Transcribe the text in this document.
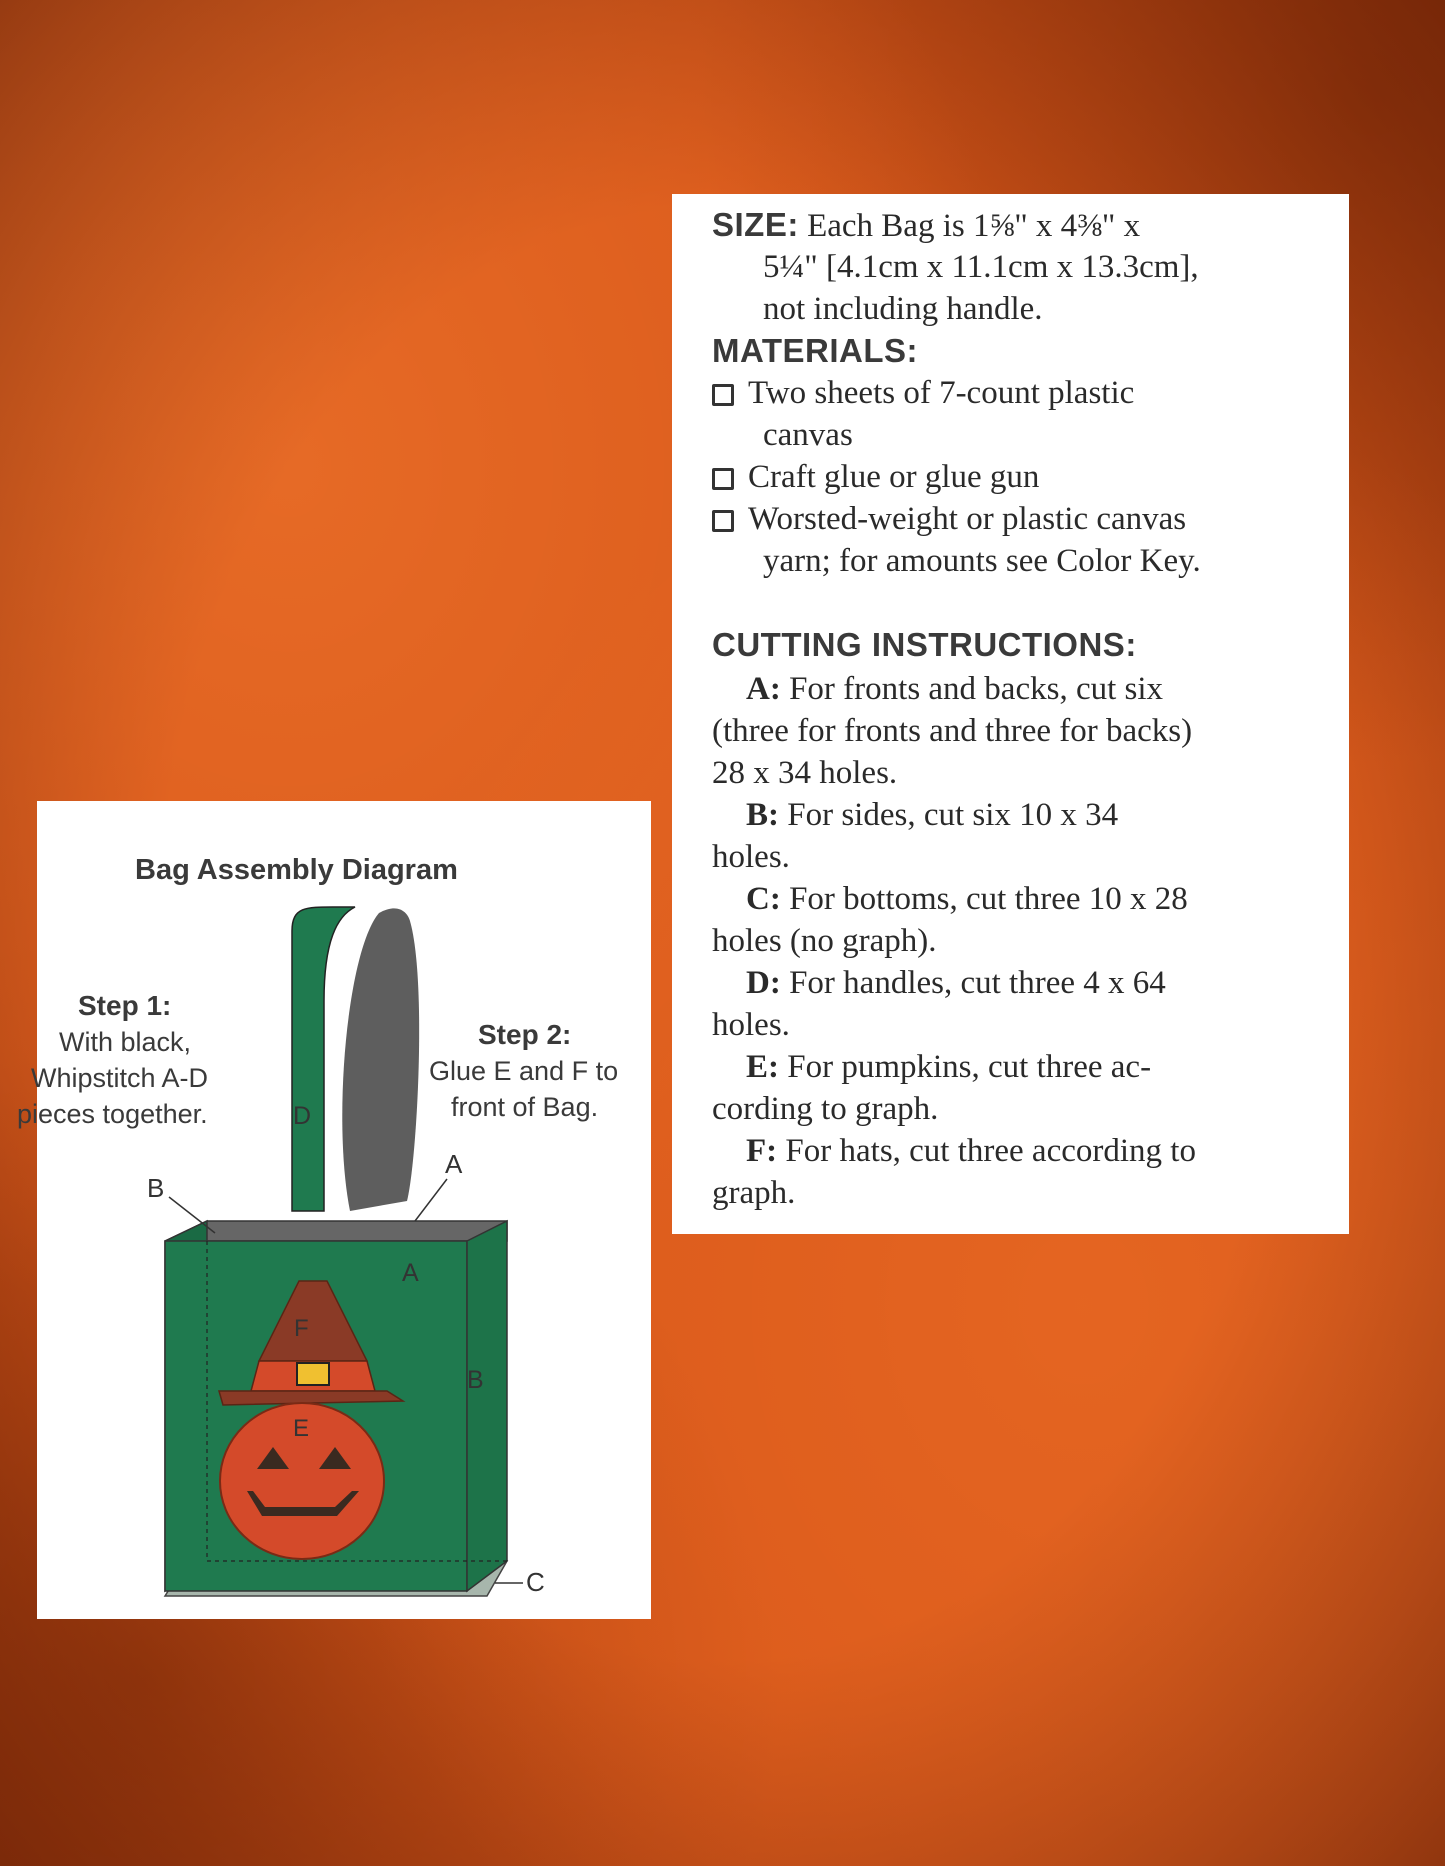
SIZE: Each Bag is 1⅝" x 4⅜" x
5¼" [4.1cm x 11.1cm x 13.3cm],
not including handle.
MATERIALS:
Two sheets of 7-count plastic
canvas
Craft glue or glue gun
Worsted-weight or plastic canvas
yarn; for amounts see Color Key.
CUTTING INSTRUCTIONS:
A: For fronts and backs, cut six
(three for fronts and three for backs)
28 x 34 holes.
B: For sides, cut six 10 x 34
holes.
C: For bottoms, cut three 10 x 28
holes (no graph).
D: For handles, cut three 4 x 64
holes.
E: For pumpkins, cut three ac-
cording to graph.
F: For hats, cut three according to
graph.
Bag Assembly Diagram
Step 1:
With black,
Whipstitch A-D
pieces together.
Step 2:
Glue E and F to
front of Bag.
D
F
E
A
B
A
B
C
